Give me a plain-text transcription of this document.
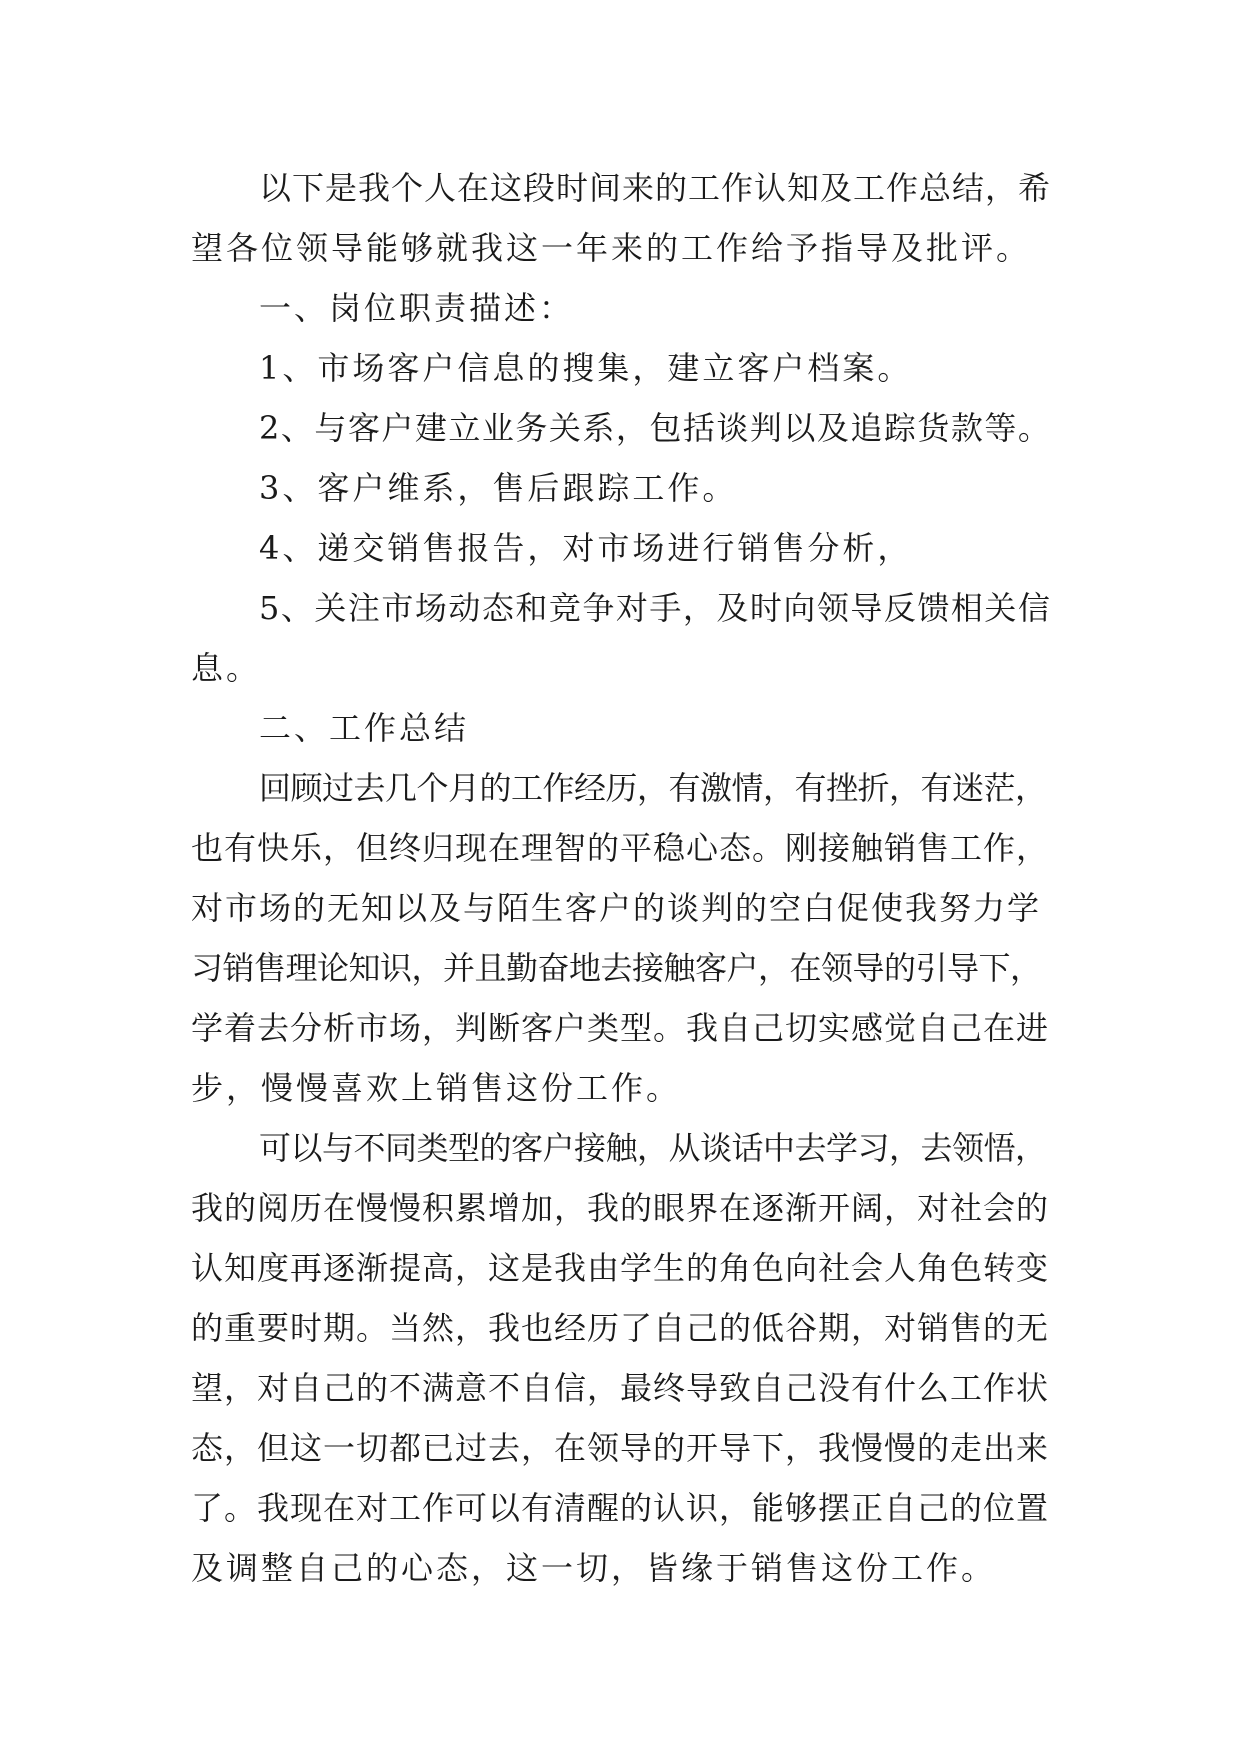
以下是我个人在这段时间来的工作认知及工作总结，希
望各位领导能够就我这一年来的工作给予指导及批评。
一、岗位职责描述：
1、市场客户信息的搜集，建立客户档案。
2、与客户建立业务关系，包括谈判以及追踪货款等。
3、客户维系，售后跟踪工作。
4、递交销售报告，对市场进行销售分析，
5、关注市场动态和竞争对手，及时向领导反馈相关信
息。
二、工作总结
回顾过去几个月的工作经历，有激情，有挫折，有迷茫，
也有快乐，但终归现在理智的平稳心态。刚接触销售工作，
对市场的无知以及与陌生客户的谈判的空白促使我努力学
习销售理论知识，并且勤奋地去接触客户，在领导的引导下，
学着去分析市场，判断客户类型。我自己切实感觉自己在进
步，慢慢喜欢上销售这份工作。
可以与不同类型的客户接触，从谈话中去学习，去领悟，
我的阅历在慢慢积累增加，我的眼界在逐渐开阔，对社会的
认知度再逐渐提高，这是我由学生的角色向社会人角色转变
的重要时期。当然，我也经历了自己的低谷期，对销售的无
望，对自己的不满意不自信，最终导致自己没有什么工作状
态，但这一切都已过去，在领导的开导下，我慢慢的走出来
了。我现在对工作可以有清醒的认识，能够摆正自己的位置
及调整自己的心态，这一切，皆缘于销售这份工作。
